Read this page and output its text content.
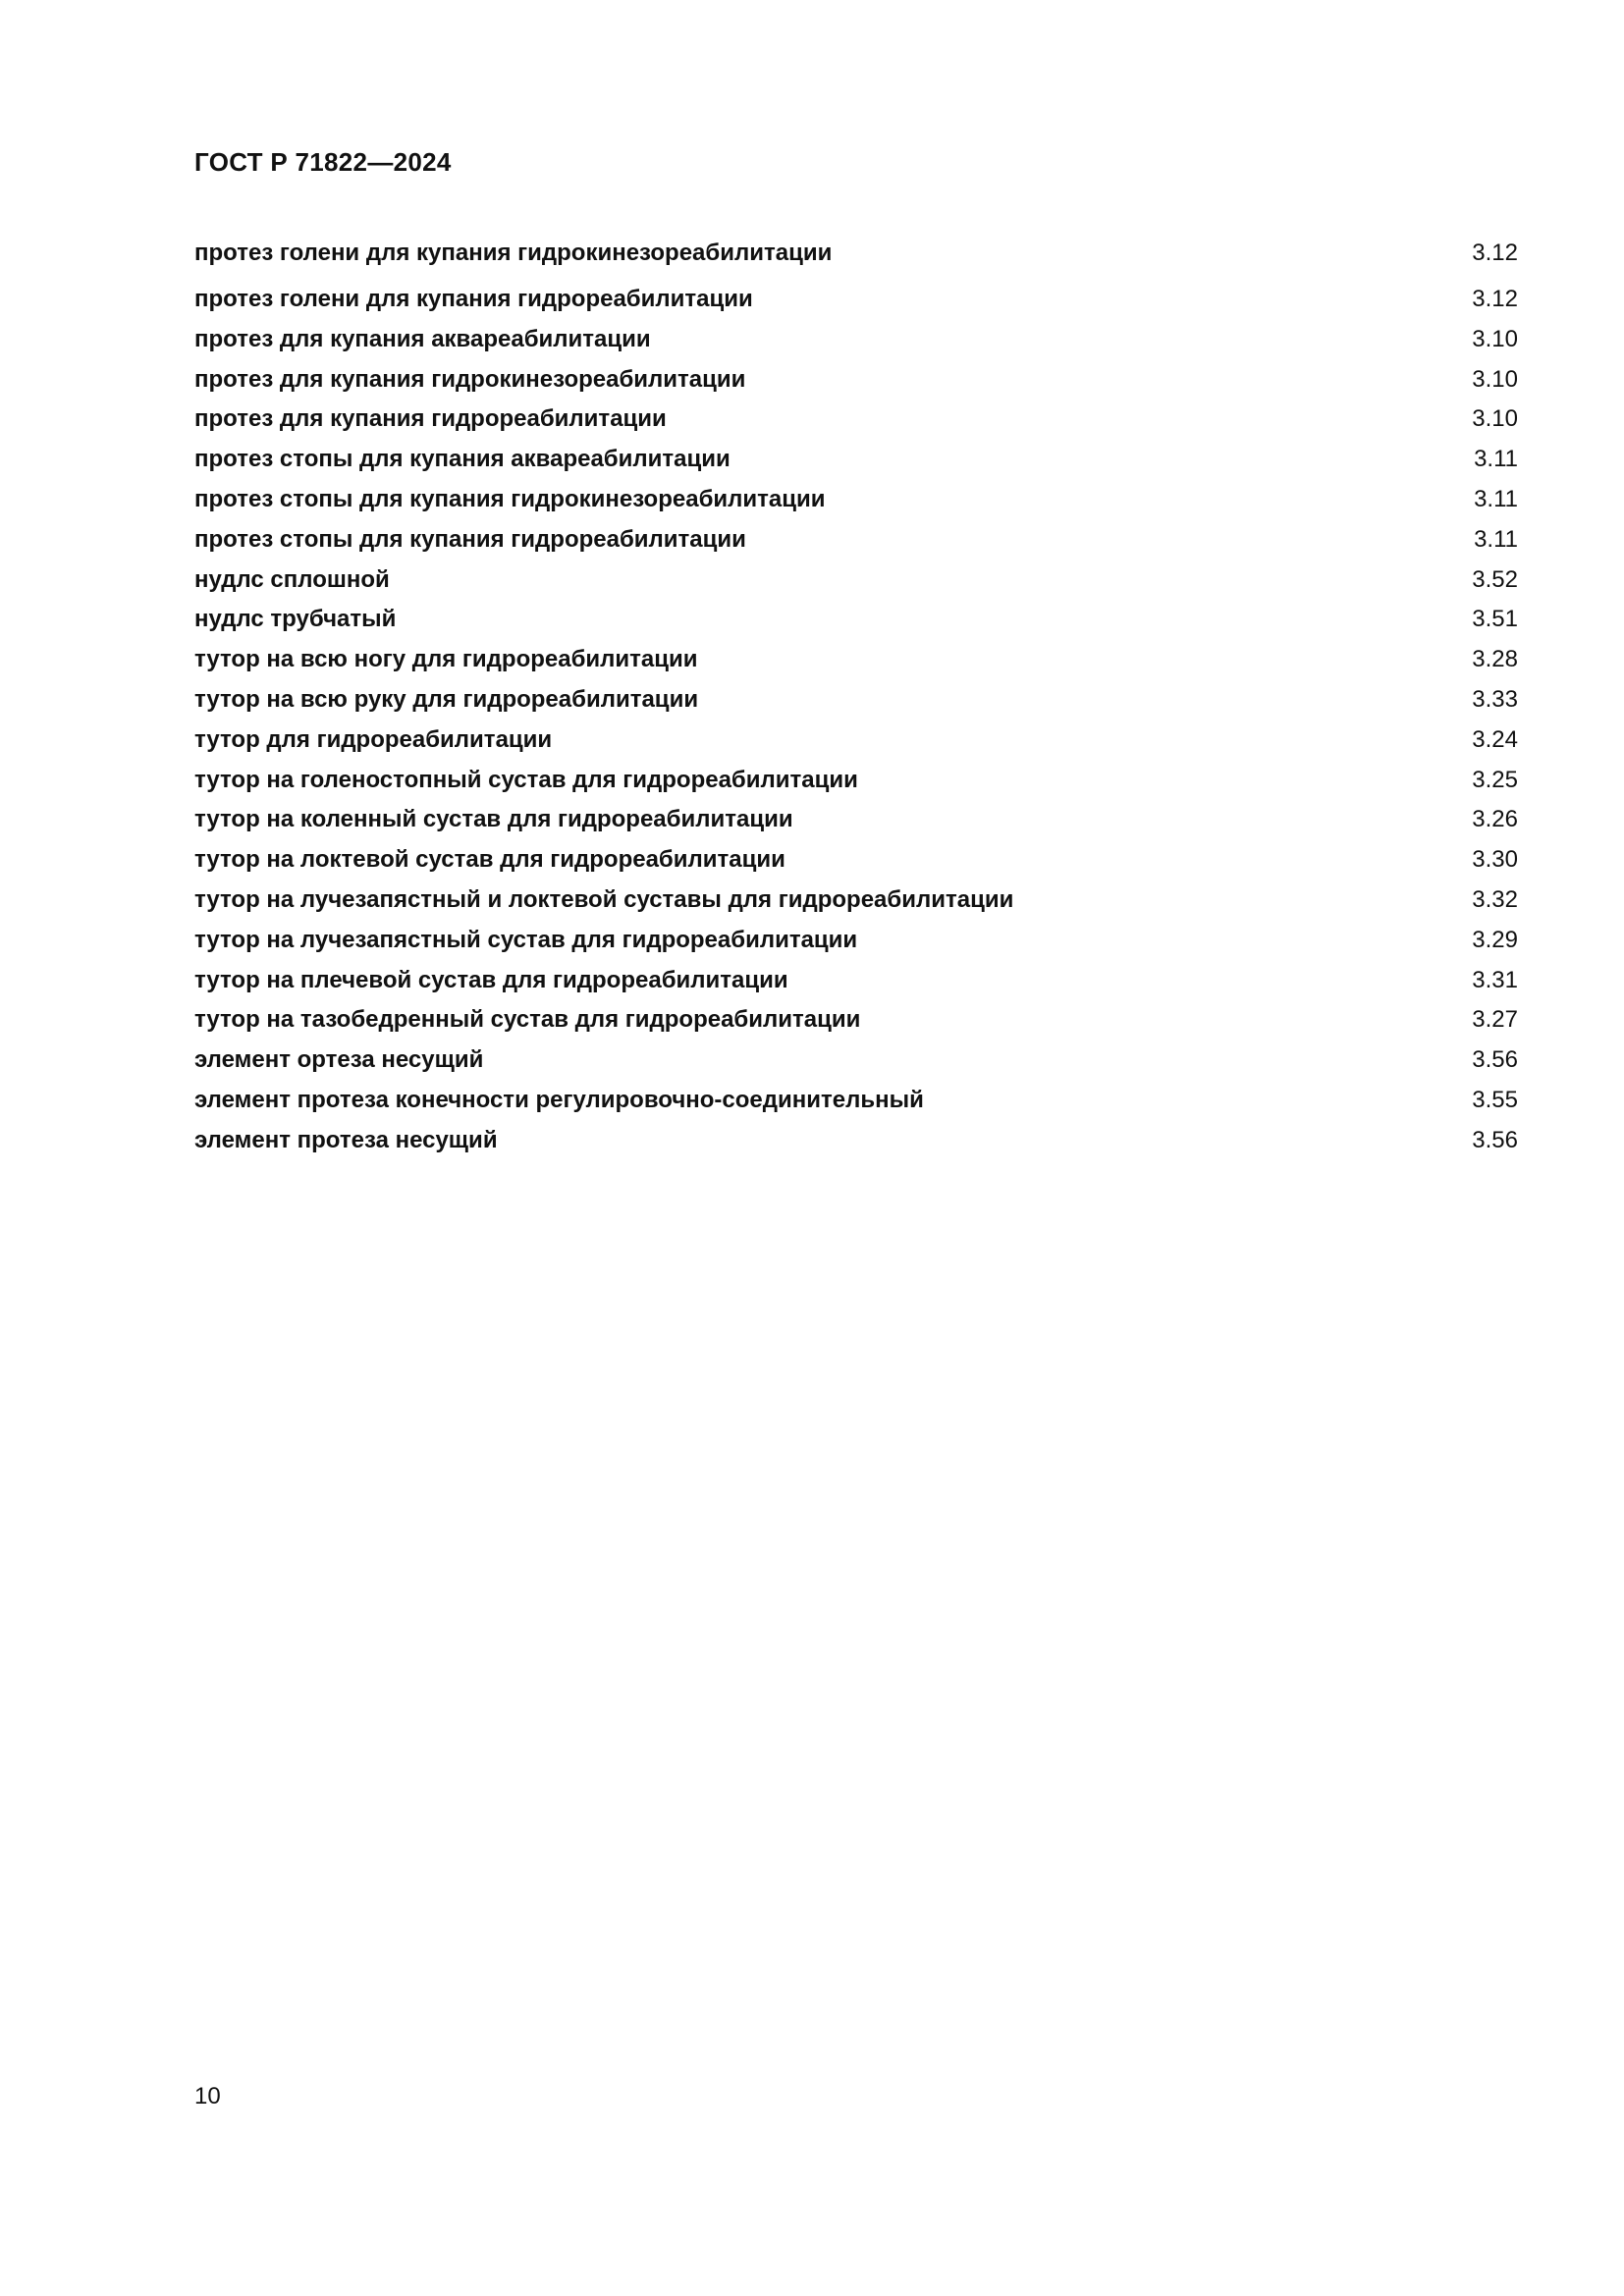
ГОСТ Р 71822—2024
протез голени для купания гидрокинезореабилитации	3.12
протез голени для купания гидрореабилитации	3.12
протез для купания аквареабилитации	3.10
протез для купания гидрокинезореабилитации	3.10
протез для купания гидрореабилитации	3.10
протез стопы для купания аквареабилитации	3.11
протез стопы для купания гидрокинезореабилитации	3.11
протез стопы для купания гидрореабилитации	3.11
нудлс сплошной	3.52
нудлс трубчатый	3.51
тутор на всю ногу для гидрореабилитации	3.28
тутор на всю руку для гидрореабилитации	3.33
тутор для гидрореабилитации	3.24
тутор на голеностопный сустав для гидрореабилитации	3.25
тутор на коленный сустав для гидрореабилитации	3.26
тутор на локтевой сустав для гидрореабилитации	3.30
тутор на лучезапястный и локтевой суставы для гидрореабилитации	3.32
тутор на лучезапястный сустав для гидрореабилитации	3.29
тутор на плечевой сустав для гидрореабилитации	3.31
тутор на тазобедренный сустав для гидрореабилитации	3.27
элемент ортеза несущий	3.56
элемент протеза конечности регулировочно-соединительный	3.55
элемент протеза несущий	3.56
10
